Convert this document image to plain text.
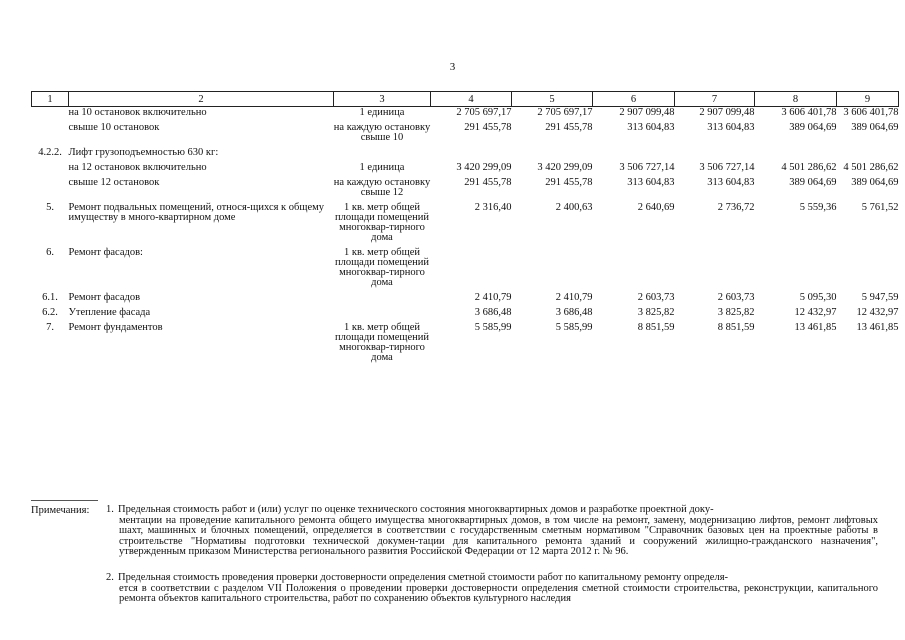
3
1	2	3	4	5	6	7	8	9
	на 10 остановок включительно	1 единица	2 705 697,17	2 705 697,17	2 907 099,48	2 907 099,48	3 606 401,78	3 606 401,78
	свыше 10 остановок	на каждую остановку свыше 10	291 455,78	291 455,78	313 604,83	313 604,83	389 064,69	389 064,69
4.2.2.	Лифт грузоподъемностью 630 кг:							
	на 12 остановок включительно	1 единица	3 420 299,09	3 420 299,09	3 506 727,14	3 506 727,14	4 501 286,62	4 501 286,62
	свыше 12 остановок	на каждую остановку свыше 12	291 455,78	291 455,78	313 604,83	313 604,83	389 064,69	389 064,69
5.	Ремонт подвальных помещений, относя-щихся к общему имуществу в много-квартирном доме	1 кв. метр общей площади помещений многоквар-тирного дома	2 316,40	2 400,63	2 640,69	2 736,72	5 559,36	5 761,52
6.	Ремонт фасадов:	1 кв. метр общей площади помещений многоквар-тирного дома						
6.1.	Ремонт фасадов		2 410,79	2 410,79	2 603,73	2 603,73	5 095,30	5 947,59
6.2.	Утепление фасада		3 686,48	3 686,48	3 825,82	3 825,82	12 432,97	12 432,97
7.	Ремонт фундаментов	1 кв. метр общей площади помещений многоквар-тирного дома	5 585,99	5 585,99	8 851,59	8 851,59	13 461,85	13 461,85
Примечания: 1. Предельная стоимость работ и (или) услуг по оценке технического состояния многоквартирных домов и разработке проектной доку-
ментации на проведение капитального ремонта общего имущества многоквартирных домов, в том числе на ремонт, замену, модернизацию лифтов, ремонт лифтовых шахт, машинных и блочных помещений, определяется в соответствии с государственным сметным нормативом "Справочник базовых цен на проектные работы в строительстве "Нормативы подготовки технической докумен-тации для капитального ремонта зданий и сооружений жилищно-гражданского назначения", утвержденным приказом Министерства регионального развития Российской Федерации от 12 марта 2012 г. № 96.
2. Предельная стоимость проведения проверки достоверности определения сметной стоимости работ по капитальному ремонту определя-
ется в соответствии с разделом VII Положения о проведении проверки достоверности определения сметной стоимости строительства, реконструкции, капитального ремонта объектов капитального строительства, работ по сохранению объектов культурного наследия
